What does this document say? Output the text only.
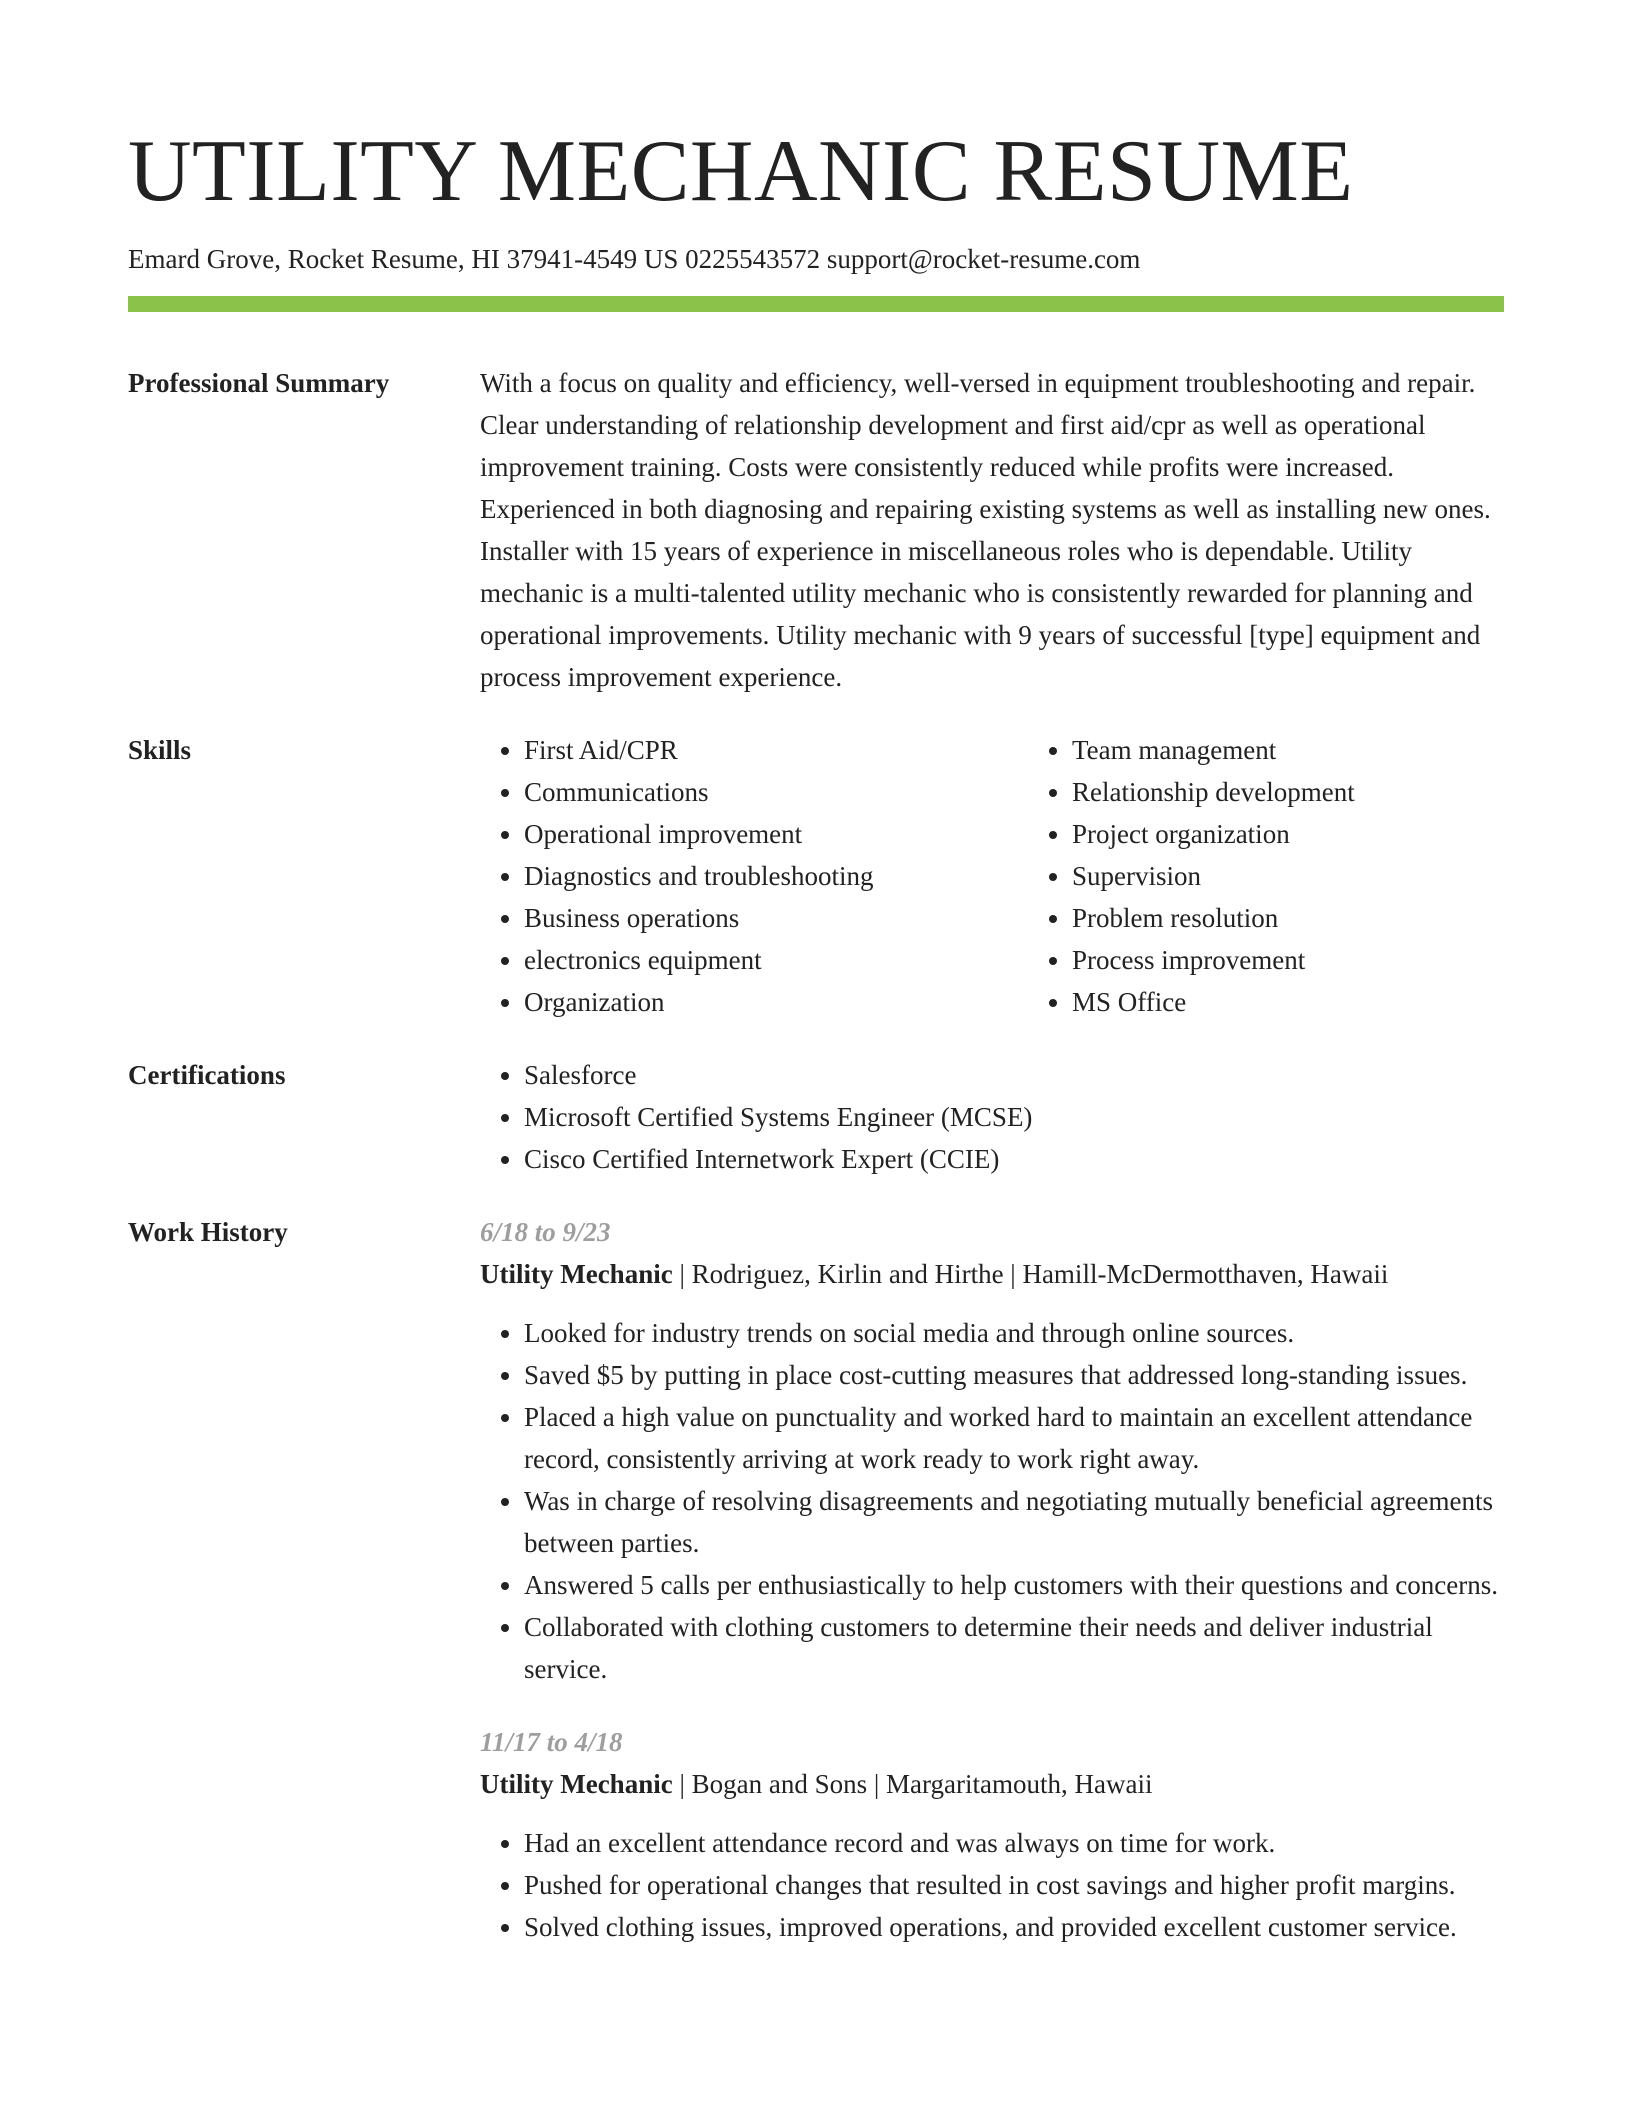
UTILITY MECHANIC RESUME
Emard Grove, Rocket Resume, HI 37941-4549 US 0225543572 support@rocket-resume.com
Professional Summary	With a focus on quality and efficiency, well-versed in equipment troubleshooting and repair. Clear understanding of relationship development and first aid/cpr as well as operational improvement training. Costs were consistently reduced while profits were increased. Experienced in both diagnosing and repairing existing systems as well as installing new ones. Installer with 15 years of experience in miscellaneous roles who is dependable. Utility mechanic is a multi-talented utility mechanic who is consistently rewarded for planning and operational improvements. Utility mechanic with 9 years of successful [type] equipment and process improvement experience.

Skills	• First Aid/CPR
• Communications
• Operational improvement
• Diagnostics and troubleshooting
• Business operations
• electronics equipment
• Organization
• Team management
• Relationship development
• Project organization
• Supervision
• Problem resolution
• Process improvement
• MS Office
Certifications	• Salesforce
• Microsoft Certified Systems Engineer (MCSE)
• Cisco Certified Internetwork Expert (CCIE)
Work History	6/18 to 9/23
Utility Mechanic | Rodriguez, Kirlin and Hirthe | Hamill-McDermotthaven, Hawaii
• Looked for industry trends on social media and through online sources.
• Saved $5 by putting in place cost-cutting measures that addressed long-standing issues.
• Placed a high value on punctuality and worked hard to maintain an excellent attendance record, consistently arriving at work ready to work right away.
• Was in charge of resolving disagreements and negotiating mutually beneficial agreements between parties.
• Answered 5 calls per enthusiastically to help customers with their questions and concerns.
• Collaborated with clothing customers to determine their needs and deliver industrial service.
11/17 to 4/18
Utility Mechanic | Bogan and Sons | Margaritamouth, Hawaii
• Had an excellent attendance record and was always on time for work.
• Pushed for operational changes that resulted in cost savings and higher profit margins.
• Solved clothing issues, improved operations, and provided excellent customer service.
